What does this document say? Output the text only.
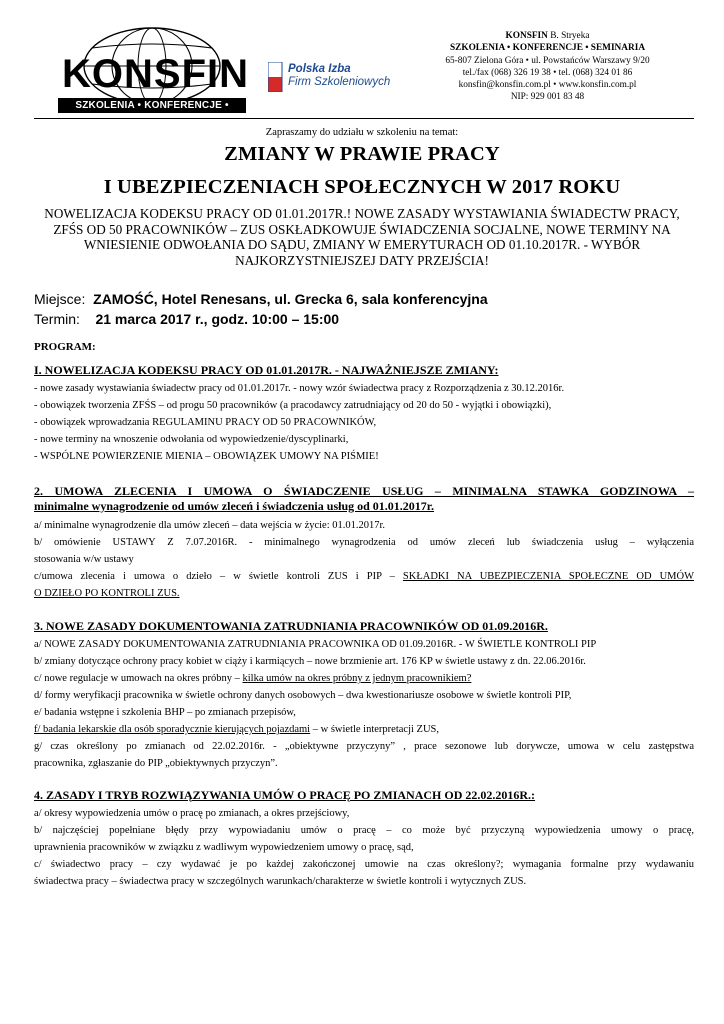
KONSFIN
SZKOLENIA • KONFERENCJE • SEMINARIA
Polska Izba
Firm Szkoleniowych
KONSFIN B. Stryeka
SZKOLENIA • KONFERENCJE • SEMINARIA
65-807 Zielona Góra • ul. Powstańców Warszawy 9/20
tel./fax (068) 326 19 38 • tel. (068) 324 01 86
konsfin@konsfin.com.pl • www.konsfin.com.pl
NIP: 929 001 83 48
Zapraszamy do udziału w szkoleniu na temat:
ZMIANY W PRAWIE PRACY
I UBEZPIECZENIACH SPOŁECZNYCH W 2017 ROKU
NOWELIZACJA KODEKSU PRACY OD 01.01.2017R.! NOWE ZASADY WYSTAWIANIA ŚWIADECTW PRACY,
ZFŚS OD 50 PRACOWNIKÓW – ZUS OSKŁADKOWUJE ŚWIADCZENIA SOCJALNE, NOWE TERMINY NA
WNIESIENIE ODWOŁANIA DO SĄDU, ZMIANY W EMERYTURACH OD 01.10.2017R. - WYBÓR
NAJKORZYSTNIEJSZEJ DATY PRZEJŚCIA!
Miejsce: ZAMOŚĆ, Hotel Renesans, ul. Grecka 6, sala konferencyjna
Termin: 21 marca 2017 r., godz. 10:00 – 15:00
PROGRAM:
I. NOWELIZACJA KODEKSU PRACY OD 01.01.2017R. - NAJWAŻNIEJSZE ZMIANY:
- nowe zasady wystawiania świadectw pracy od 01.01.2017r. - nowy wzór świadectwa pracy z Rozporządzenia z 30.12.2016r.
- obowiązek tworzenia ZFŚS – od progu 50 pracowników (a pracodawcy zatrudniający od 20 do 50 - wyjątki i obowiązki),
- obowiązek wprowadzania REGULAMINU PRACY OD 50 PRACOWNIKÓW,
- nowe terminy na wnoszenie odwołania od wypowiedzenie/dyscyplinarki,
- WSPÓLNE POWIERZENIE MIENIA – OBOWIĄZEK UMOWY NA PIŚMIE!
2. UMOWA ZLECENIA I UMOWA O ŚWIADCZENIE USŁUG – MINIMALNA STAWKA GODZINOWA –
minimalne wynagrodzenie od umów zleceń i świadczenia usług od 01.01.2017r.
a/ minimalne wynagrodzenie dla umów zleceń – data wejścia w życie: 01.01.2017r.
b/ omówienie USTAWY Z 7.07.2016R. - minimalnego wynagrodzenia od umów zleceń lub świadczenia usług – wyłączenia
stosowania w/w ustawy
c/umowa zlecenia i umowa o dzieło – w świetle kontroli ZUS i PIP – SKŁADKI NA UBEZPIECZENIA SPOŁECZNE OD UMÓW
O DZIEŁO PO KONTROLI ZUS.
3. NOWE ZASADY DOKUMENTOWANIA ZATRUDNIANIA PRACOWNIKÓW OD 01.09.2016R.
a/ NOWE ZASADY DOKUMENTOWANIA ZATRUDNIANIA PRACOWNIKA OD 01.09.2016R. - W ŚWIETLE KONTROLI PIP
b/ zmiany dotyczące ochrony pracy kobiet w ciąży i karmiących – nowe brzmienie art. 176 KP w świetle ustawy z dn. 22.06.2016r.
c/ nowe regulacje w umowach na okres próbny – kilka umów na okres próbny z jednym pracownikiem?
d/ formy weryfikacji pracownika w świetle ochrony danych osobowych – dwa kwestionariusze osobowe w świetle kontroli PIP,
e/ badania wstępne i szkolenia BHP – po zmianach przepisów,
f/ badania lekarskie dla osób sporadycznie kierujących pojazdami – w świetle interpretacji ZUS,
g/ czas określony po zmianach od 22.02.2016r. - „obiektywne przyczyny” , prace sezonowe lub dorywcze, umowa w celu zastępstwa
pracownika, zgłaszanie do PIP „obiektywnych przyczyn”.
4. ZASADY I TRYB ROZWIĄZYWANIA UMÓW O PRACĘ PO ZMIANACH OD 22.02.2016R.:
a/ okresy wypowiedzenia umów o pracę po zmianach, a okres przejściowy,
b/ najczęściej popełniane błędy przy wypowiadaniu umów o pracę – co może być przyczyną wypowiedzenia umowy o pracę,
uprawnienia pracowników w związku z wadliwym wypowiedzeniem umowy o pracę, sąd,
c/ świadectwo pracy – czy wydawać je po każdej zakończonej umowie na czas określony?; wymagania formalne przy wydawaniu
świadectwa pracy – świadectwa pracy w szczególnych warunkach/charakterze w świetle kontroli i wytycznych ZUS.
